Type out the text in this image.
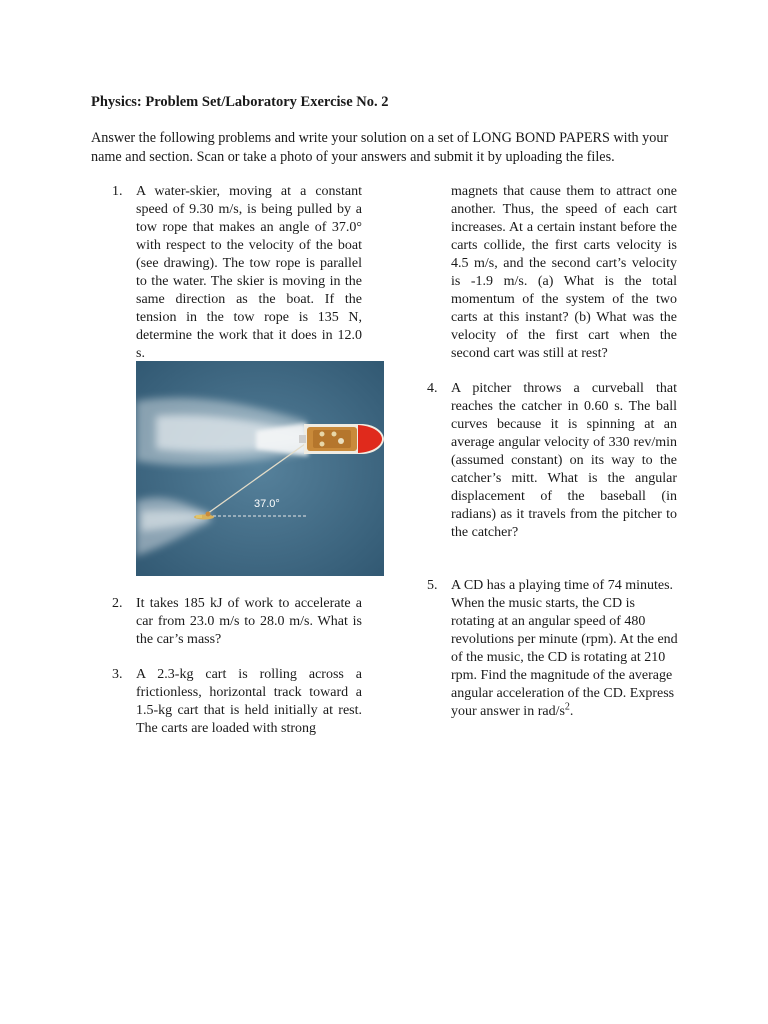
Physics: Problem Set/Laboratory Exercise No. 2
Answer the following problems and write your solution on a set of LONG BOND PAPERS with your name and section. Scan or take a photo of your answers and submit it by uploading the files.
1. A water-skier, moving at a constant speed of 9.30 m/s, is being pulled by a tow rope that makes an angle of 37.0° with respect to the velocity of the boat (see drawing). The tow rope is parallel to the water. The skier is moving in the same direction as the boat. If the tension in the tow rope is 135 N, determine the work that it does in 12.0 s.
37.0°
2. It takes 185 kJ of work to accelerate a car from 23.0 m/s to 28.0 m/s. What is the car’s mass?
3. A 2.3-kg cart is rolling across a frictionless, horizontal track toward a 1.5-kg cart that is held initially at rest. The carts are loaded with strong
magnets that cause them to attract one another. Thus, the speed of each cart increases. At a certain instant before the carts collide, the first carts velocity is 4.5 m/s, and the second cart’s velocity is -1.9 m/s. (a) What is the total momentum of the system of the two carts at this instant? (b) What was the velocity of the first cart when the second cart was still at rest?
4. A pitcher throws a curveball that reaches the catcher in 0.60 s. The ball curves because it is spinning at an average angular velocity of 330 rev/min (assumed constant) on its way to the catcher’s mitt. What is the angular displacement of the baseball (in radians) as it travels from the pitcher to the catcher?
5. A CD has a playing time of 74 minutes. When the music starts, the CD is rotating at an angular speed of 480 revolutions per minute (rpm). At the end of the music, the CD is rotating at 210 rpm. Find the magnitude of the average angular acceleration of the CD. Express your answer in rad/$s^2$.
